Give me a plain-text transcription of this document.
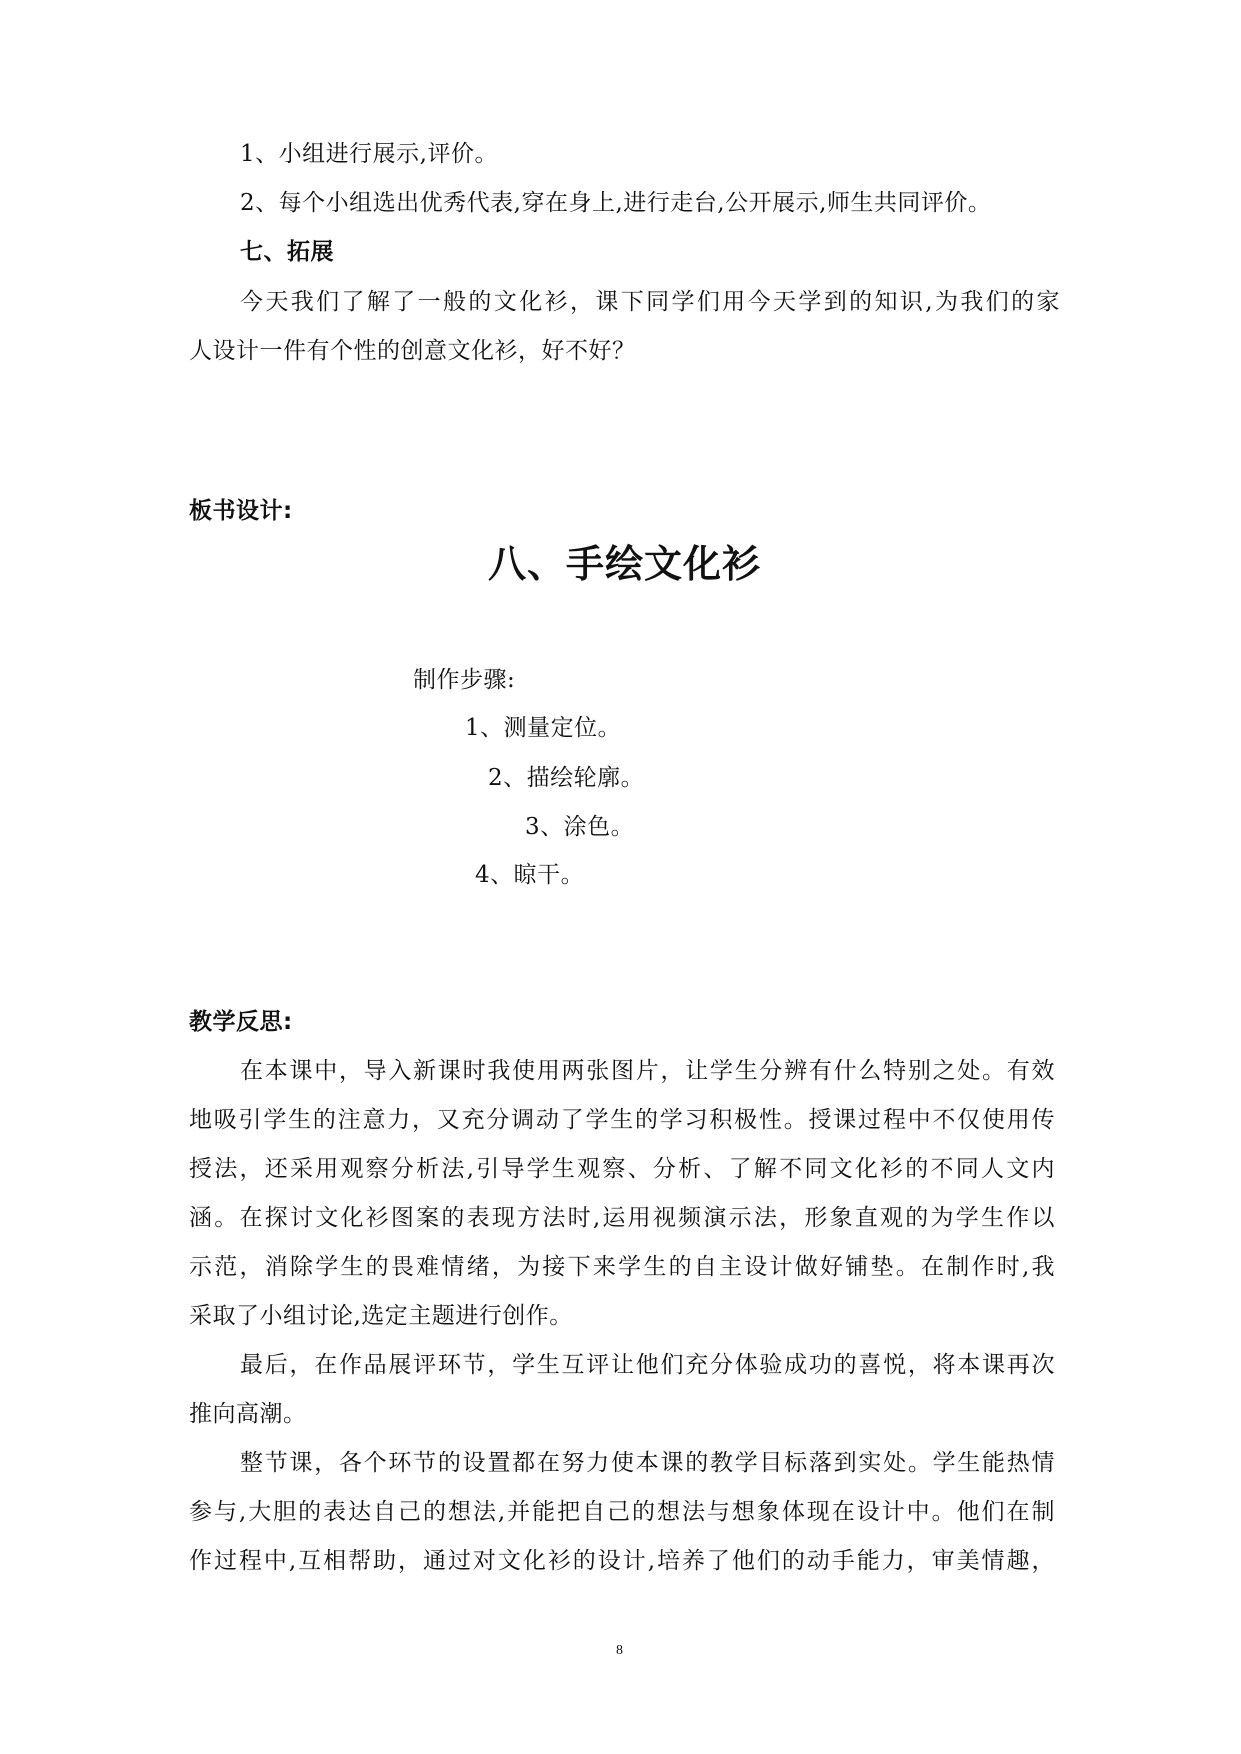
1、小组进行展示,评价。
2、每个小组选出优秀代表,穿在身上,进行走台,公开展示,师生共同评价。
七、拓展
今天我们了解了一般的文化衫，课下同学们用今天学到的知识,为我们的家
人设计一件有个性的创意文化衫，好不好？
板书设计:
八、手绘文化衫
制作步骤:
1、测量定位。
2、描绘轮廓。
3、涂色。
4、晾干。
教学反思:
在本课中，导入新课时我使用两张图片，让学生分辨有什么特别之处。有效
地吸引学生的注意力，又充分调动了学生的学习积极性。授课过程中不仅使用传
授法，还采用观察分析法,引导学生观察、分析、了解不同文化衫的不同人文内
涵。在探讨文化衫图案的表现方法时,运用视频演示法，形象直观的为学生作以
示范，消除学生的畏难情绪，为接下来学生的自主设计做好铺垫。在制作时,我
采取了小组讨论,选定主题进行创作。
最后，在作品展评环节，学生互评让他们充分体验成功的喜悦，将本课再次
推向高潮。
整节课，各个环节的设置都在努力使本课的教学目标落到实处。学生能热情
参与,大胆的表达自己的想法,并能把自己的想法与想象体现在设计中。他们在制
作过程中,互相帮助，通过对文化衫的设计,培养了他们的动手能力，审美情趣，
8
